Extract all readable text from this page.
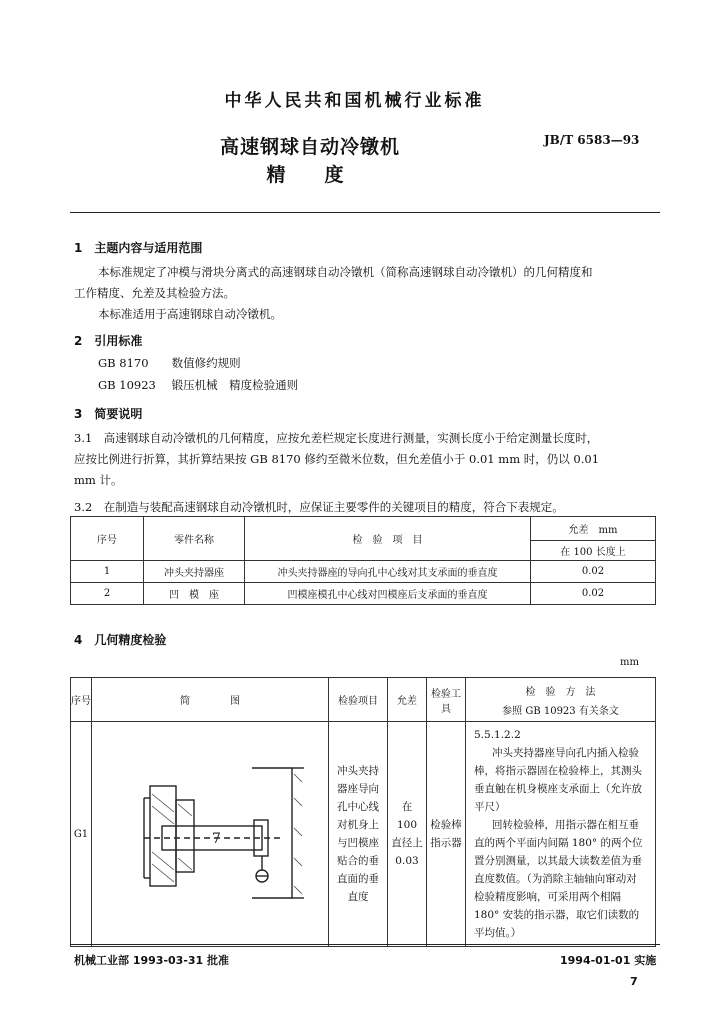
中华人民共和国机械行业标准
高速钢球自动冷镦机
精　度
JB/T 6583—93
1　主题内容与适用范围
本标准规定了冲模与滑块分离式的高速钢球自动冷镦机（简称高速钢球自动冷镦机）的几何精度和
工作精度、允差及其检验方法。
本标准适用于高速钢球自动冷镦机。
2　引用标准
GB 8170 数值修约规则
GB 10923 锻压机械　精度检验通则
3　简要说明
3.1　高速钢球自动冷镦机的几何精度，应按允差栏规定长度进行测量，实测长度小于给定测量长度时，
应按比例进行折算，其折算结果按 GB 8170 修约至微米位数，但允差值小于 0.01 mm 时，仍以 0.01
mm 计。
3.2　在制造与装配高速钢球自动冷镦机时，应保证主要零件的关键项目的精度，符合下表规定。
序号	零件名称	检　验　项　目	允差　mm
			在 100 长度上
1	冲头夹持器座	冲头夹持器座的导向孔中心线对其支承面的垂直度	0.02
2	凹　模　座	凹模座模孔中心线对凹模座后支承面的垂直度	0.02
4　几何精度检验
mm
序号	简　　　　图	检验项目	允差	检验工具	检　验　方　法
参照 GB 10923 有关条文

G1	7	冲头夹持器座导向孔中心线对机身上与凹模座贴合的垂直面的垂直度	在 100 直径上 0.03	检验棒 指示器	5.5.1.2.2
冲头夹持器座导向孔内插入检验棒，将指示器固在检验棒上，其测头垂直触在机身模座支承面上（允许放平尺）
回转检验棒，用指示器在相互垂直的两个平面内间隔 180° 的两个位置分别测量，以其最大读数差值为垂直度数值。（为消除主轴轴向窜动对检验精度影响，可采用两个相隔 180° 安装的指示器，取它们读数的平均值。）
机械工业部 1993-03-31 批准	1994-01-01 实施
7
